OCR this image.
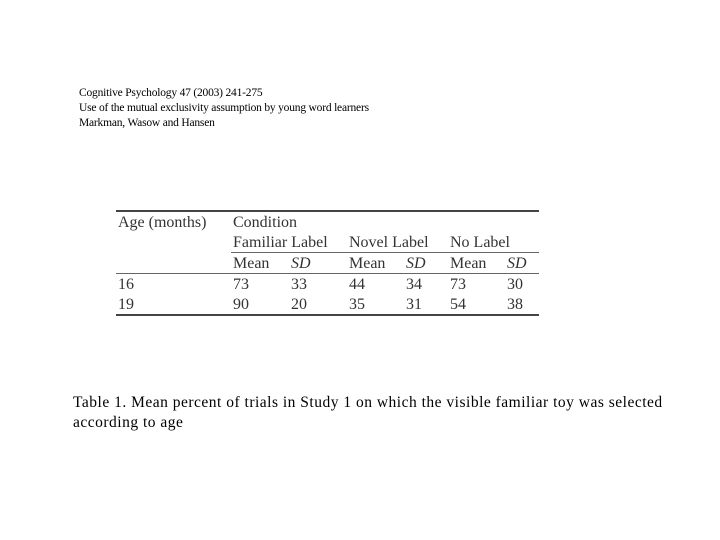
Cognitive Psychology 47 (2003) 241-275
Use of the mutual exclusivity assumption by young word learners
Markman, Wasow and Hansen
Age (months)	Condition					
	Familiar Label		Novel Label		No Label	
	Mean	SD	Mean	SD	Mean	SD
16	73	33	44	34	73	30
19	90	20	35	31	54	38
Table 1. Mean percent of trials in Study 1 on which the visible familiar toy was selected according to age
